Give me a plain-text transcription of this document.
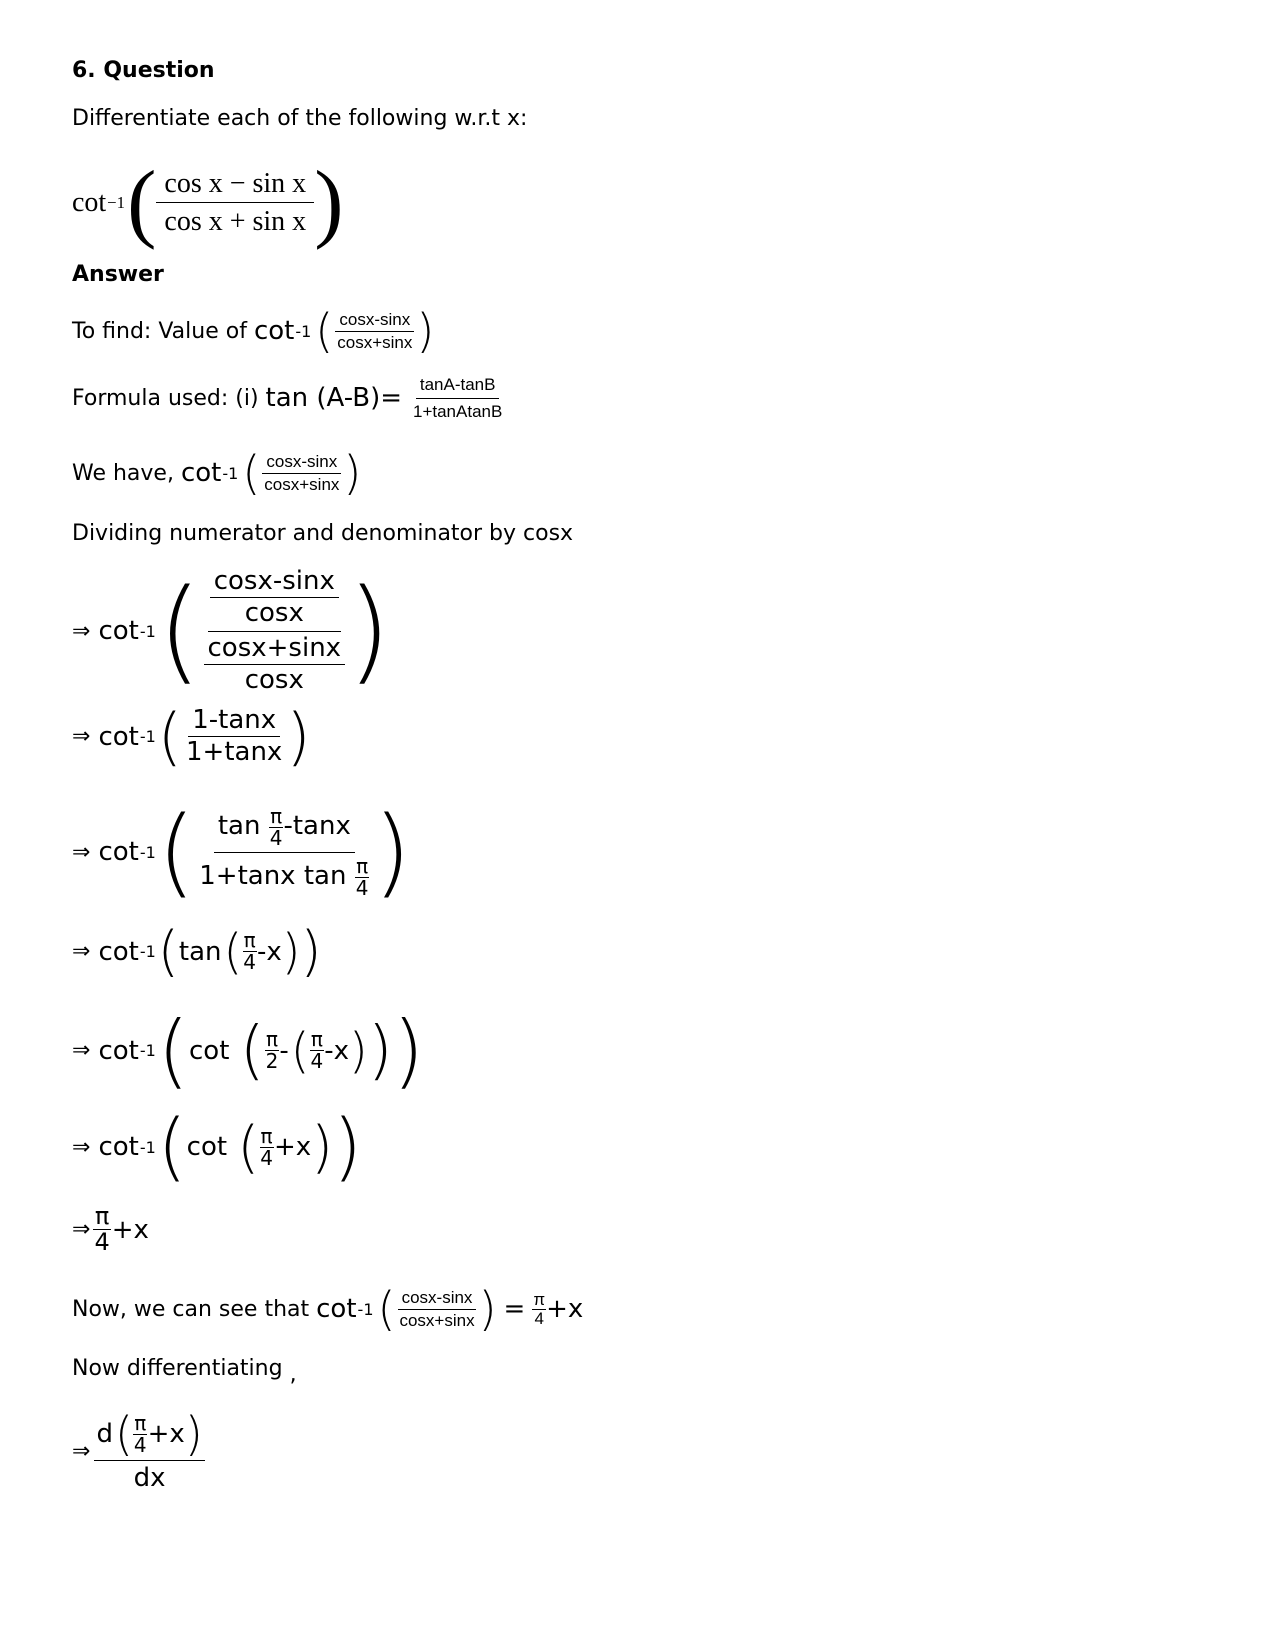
6. Question
Differentiate each of the following w.r.t x:
cot −1 ( $\frac{\text{cos x − sin x}}{\text{cos x + sin x}}$ )
Answer
To find: Value of
cot -1 ( $\frac{\cos x-\sin x}{\cos x+\sin x}$ )
Formula used: (i)
tan (A-B)=
$\frac{\tan A-\tan B}{\text{1+tanAtanB}}$
We have,
cot -1 ( $\frac{\cos x-\sin x}{\cos x+\sin x}$ )
Dividing numerator and denominator by cosx
⇒ cot -1 ( $\frac{\frac{\cos x-\sin x}{\cos x}}{\frac{\cos x+\sin x}{\cos x}}$ )
⇒ cot -1 ( $\frac{1-\tan x}{1+\tan x}$ )
⇒ cot -1 ( tan
$\frac{\pi}{4} -\tan x$
1+tanx tan
$\frac{\pi}{4}$ )
⇒ cot -1 ( tan ( $\frac{\pi}{4} -x$ ) )
⇒ cot -1 ( cot
( $\frac{\pi}{2}$ - ( $\frac{\pi}{4} -x$ ) ) )
⇒ cot -1 ( cot
( $\frac{\pi}{4} +x$ ) )
⇒ $\frac{\pi}{4} +x$
Now, we can see that
cot -1 ( $\frac{\cos x-\sin x}{\cos x+\sin x}$ )
=
$\frac{\pi}{4} +x$
Now differentiating ,
⇒
d ( $\frac{\pi}{4} +x$ )
dx
